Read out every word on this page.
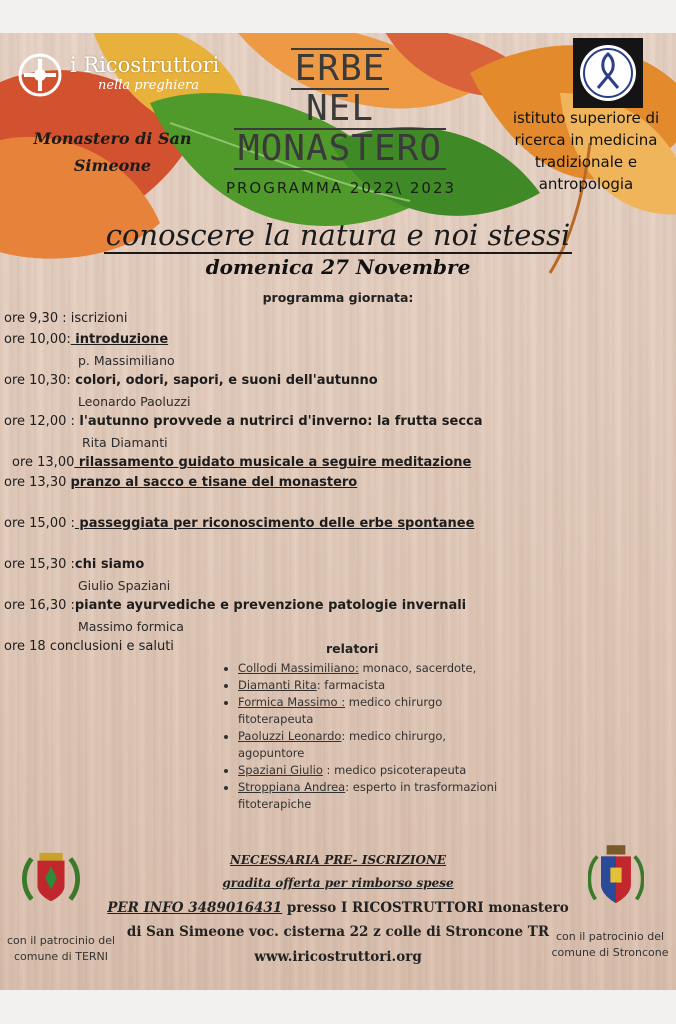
i Ricostruttori
nella preghiera
Monastero di San
Simeone
ERBE
NEL
MONASTERO
PROGRAMMA 2022\ 2023
istituto superiore di
ricerca in medicina
tradizionale e
antropologia
conoscere la natura e noi stessi
domenica 27 Novembre
programma giornata:
ore 9,30 : iscrizioni
ore 10,00: introduzione
p. Massimiliano
ore 10,30: colori, odori, sapori, e suoni dell'autunno
Leonardo Paoluzzi
ore 12,00 : l'autunno provvede a nutrirci d'inverno: la frutta secca
Rita Diamanti
ore 13,00 rilassamento guidato musicale a seguire meditazione
ore 13,30 pranzo al sacco e tisane del monastero
ore 15,00 : passeggiata per riconoscimento delle erbe spontanee
ore 15,30 :chi siamo
Giulio Spaziani
ore 16,30 :piante ayurvediche e prevenzione patologie invernali
Massimo formica
ore 18 conclusioni e saluti	relatori
• Collodi Massimiliano: monaco, sacerdote,
• Diamanti Rita: farmacista
• Formica Massimo : medico chirurgo fitoterapeuta
• Paoluzzi Leonardo: medico chirurgo, agopuntore
• Spaziani Giulio : medico psicoterapeuta
• Stroppiana Andrea: esperto in trasformazioni fitoterapiche
NECESSARIA PRE- ISCRIZIONE
gradita offerta per rimborso spese
PER INFO 3489016431 presso I RICOSTRUTTORI monastero
di San Simeone voc. cisterna 22 z colle di Stroncone TR
www.iricostruttori.org
con il patrocinio del
comune di TERNI
con il patrocinio del
comune di Stroncone
